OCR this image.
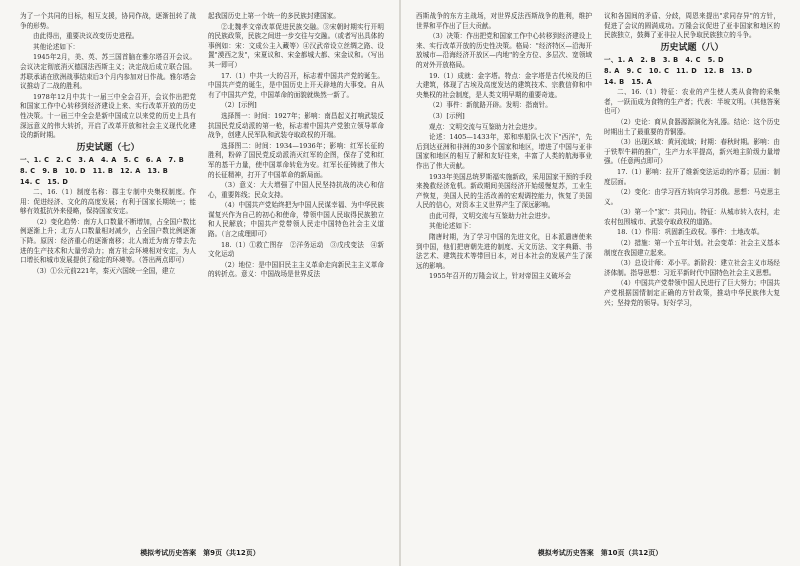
为了一个共同的目标，相互支援，协同作战，逐渐扭转了战争的形势。

由此得出，重要决议改变历史进程。

其他论述如下：

1945年2月，美、英、苏三国首脑在雅尔塔召开会议。会议决定彻底消灭德国法西斯主义；决定战后成立联合国。苏联承诺在欧洲战事结束后3个月内参加对日作战。雅尔塔会议推动了二战的胜利。

1978年12月中共十一届三中全会召开，会议作出把党和国家工作中心转移到经济建设上来、实行改革开放的历史性决策。十一届三中全会是新中国成立以来党的历史上具有深远意义的伟大转折，开启了改革开放和社会主义现代化建设的新时期。

历史试题（七）

一、1. C　2. C　3. A　4. A　5. C　6. A　7. B

8. C　9. B　10. D　11. B　12. A　13. B

14. C　15. D

二、16.（1）制度名称：郡主专制中央集权制度。作用：促进经济、文化的高度发展；有利于国家长期统一；能够有效抵抗外来侵略，保持国家安定。

（2）变化趋势：南方人口数量不断增加，占全国户数比例逐渐上升；北方人口数量相对减少，占全国户数比例逐渐下降。原因：经济重心的逐渐南移；北人南迁为南方带去先进的生产技术和大量劳动力；南方社会环境相对安定，为人口增长和城市发展提供了稳定的环境等。（答出两点即可）

（3）①公元前221年，秦灭六国统一全国，建立

起我国历史上第一个统一的多民族封建国家。

②北魏孝文帝改革促进民族交融。③宋朝时期实行开明的民族政策，民族之间进一步交往与交融。（或者写出具体的事例如：宋：文成公主入藏等）④汉武帝设立丝绸之路、设置"漠西之发"，宋夏议和、宋金都城大都、宋金议和。（写出其一即可）

17.（1）中共一大的召开，标志着中国共产党的诞生。中国共产党的诞生，是中国历史上开天辟地的大事变。自从有了中国共产党，中国革命的面貌就焕然一新了。

（2）[示例]

选择图一：时间：1927年；影响：南昌起义打响武装反抗国民党反动派的第一枪，标志着中国共产党独立领导革命战争，创建人民军队和武装夺取政权的开端。

选择图二：时间：1934—1936年；影响：红军长征的胜利，粉碎了国民党反动派消灭红军的企图，保存了党和红军的基干力量，使中国革命转危为安。红军长征铸就了伟大的长征精神，打开了中国革命的新局面。

（3）意义：大大增强了中国人民坚持抗战的决心和信心，重要阵线；民众支持。

（4）中国共产党始终把为中国人民谋幸福、为中华民族谋复兴作为自己的初心和使命，带领中国人民取得民族独立和人民解放；中国共产党带领人民走中国特色社会主义道路。（言之成理即可）

18.（1）①救亡图存　②洋务运动　③戊戌变法　④新文化运动

（2）地位：是中国旧民主主义革命走向新民主主义革命的转折点。意义：中国战场是世界反法

模拟考试历史答案　第9页（共12页）

西斯战争的东方主战场，对世界反法西斯战争的胜利，维护世界和平作出了巨大贡献。

（3）决策：作出把党和国家工作中心转移到经济建设上来、实行改革开放的历史性决策。格局："经济特区—沿海开放城市—沿海经济开放区—内地"的全方位、多层次、宽领域的对外开放格局。

19.（1）成就：金字塔。特点：金字塔是古代埃及的巨大建筑，体现了古埃及高度发达的建筑技术、宗教信仰和中央集权的社会制度，是人类文明早期的重要奇迹。

（2）事件：新航路开辟。发明：指南针。

（3）[示例]

观点：文明交流与互鉴助力社会进步。

论述：1405—1433年，郑和率船队七次下"西洋"，先后到达亚洲和非洲的30多个国家和地区，增进了中国与亚非国家和地区的相互了解和友好往来，丰富了人类的航海事业作出了伟大贡献。

1933年美国总统罗斯福实施新政，采用国家干预的手段来挽救经济危机。新政期间美国经济开始缓慢复苏，工业生产恢复，美国人民的生活改善的宏观调控能力，恢复了美国人民的信心，对资本主义世界产生了深远影响。

由此可得，文明交流与互鉴助力社会进步。

其他论述如下：

隋唐时期，为了学习中国的先进文化，日本派遣唐使来到中国，他们把唐朝先进的制度、天文历法、文字典籍、书法艺术、建筑技术等带回日本，对日本社会的发展产生了深远的影响。

1955年召开的万隆会议上，针对帝国主义破坏会

议和各国间的矛盾、分歧，周恩来提出"求同存异"的方针，促进了会议的圆满成功。万隆会议促进了亚非国家和地区的民族独立，鼓舞了亚非拉人民争取民族独立的斗争。

历史试题（八）

一、1. A　2. B　3. B　4. C　5. D

8. A　9. C　10. C　11. D　12. B　13. D

14. B　15. A

二、16.（1）特征：农业的产生使人类从食物的采集者，一跃而成为食物的生产者；代表：半坡文明。（其他答案也可）

（2）史论：商从食器源源演化为礼器。结论：这个历史时期出土了最重要的青铜器。

（3）出现区域：黄河流域；时期：春秋时期。影响：由于铁犁牛耕的推广，生产力水平提高，新兴地主阶级力量增强。（任意两点即可）

17.（1）影响：拉开了维新变法运动的序幕；层面：制度层面。

（2）变化：由学习西方转向学习苏俄。思想：马克思主义。

（3）第一个"家"：共同山。特征：从城市转入农村，走农村包围城市、武装夺取政权的道路。

18.（1）作用：巩固新生政权。事件：土地改革。

（2）措施：第一个五年计划。社会变革：社会主义基本制度在我国建立起来。

（3）总设计师：邓小平。新阶段：建立社会主义市场经济体制。指导思想：习近平新时代中国特色社会主义思想。

（4）中国共产党带领中国人民进行了巨大努力；中国共产党根据国情制定正确的方针政策，推动中华民族伟大复兴；坚持党的领导。好好学习，

模拟考试历史答案　第10页（共12页）
